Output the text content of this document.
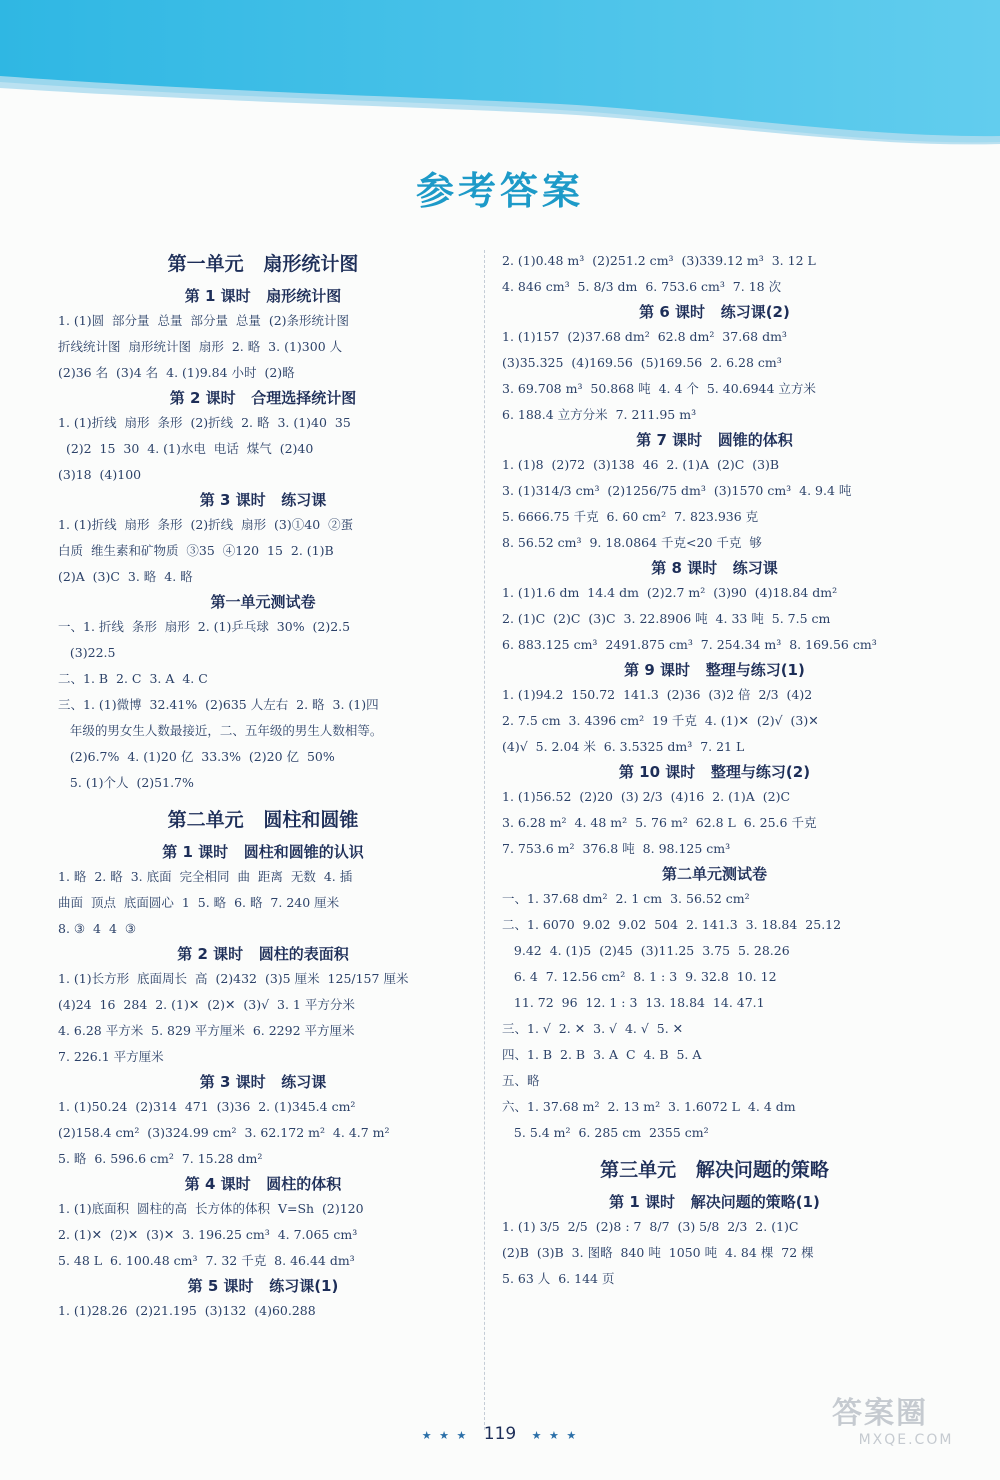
参考答案
第一单元   扇形统计图
第 1 课时   扇形统计图
1. (1)圆  部分量  总量  部分量  总量  (2)条形统计图
折线统计图  扇形统计图  扇形  2. 略  3. (1)300 人
(2)36 名  (3)4 名  4. (1)9.84 小时  (2)略
第 2 课时   合理选择统计图
1. (1)折线  扇形  条形  (2)折线  2. 略  3. (1)40  35
(2)2  15  30  4. (1)水电  电话  煤气  (2)40
(3)18  (4)100
第 3 课时   练习课
1. (1)折线  扇形  条形  (2)折线  扇形  (3)①40  ②蛋
白质  维生素和矿物质  ③35  ④120  15  2. (1)B
(2)A  (3)C  3. 略  4. 略
第一单元测试卷
一、1. 折线  条形  扇形  2. (1)乒乓球  30%  (2)2.5
(3)22.5
二、1. B  2. C  3. A  4. C
三、1. (1)微博  32.41%  (2)635 人左右  2. 略  3. (1)四
年级的男女生人数最接近，二、五年级的男生人数相等。
(2)6.7%  4. (1)20 亿  33.3%  (2)20 亿  50%
5. (1)个人  (2)51.7%
第二单元   圆柱和圆锥
第 1 课时   圆柱和圆锥的认识
1. 略  2. 略  3. 底面  完全相同  曲  距离  无数  4. 插
曲面  顶点  底面圆心  1  5. 略  6. 略  7. 240 厘米
8. ③  4  4  ③
第 2 课时   圆柱的表面积
1. (1)长方形  底面周长  高  (2)432  (3)5 厘米  125/157 厘米
(4)24  16  284  2. (1)✕  (2)✕  (3)√  3. 1 平方分米
4. 6.28 平方米  5. 829 平方厘米  6. 2292 平方厘米
7. 226.1 平方厘米
第 3 课时   练习课
1. (1)50.24  (2)314  471  (3)36  2. (1)345.4 cm²
(2)158.4 cm²  (3)324.99 cm²  3. 62.172 m²  4. 4.7 m²
5. 略  6. 596.6 cm²  7. 15.28 dm²
第 4 课时   圆柱的体积
1. (1)底面积  圆柱的高  长方体的体积  V=Sh  (2)120
2. (1)✕  (2)✕  (3)✕  3. 196.25 cm³  4. 7.065 cm³
5. 48 L  6. 100.48 cm³  7. 32 千克  8. 46.44 dm³
第 5 课时   练习课(1)
1. (1)28.26  (2)21.195  (3)132  (4)60.288
2. (1)0.48 m³  (2)251.2 cm³  (3)339.12 m³  3. 12 L
4. 846 cm³  5. 8/3 dm  6. 753.6 cm³  7. 18 次
第 6 课时   练习课(2)
1. (1)157  (2)37.68 dm²  62.8 dm²  37.68 dm³
(3)35.325  (4)169.56  (5)169.56  2. 6.28 cm³
3. 69.708 m³  50.868 吨  4. 4 个  5. 40.6944 立方米
6. 188.4 立方分米  7. 211.95 m³
第 7 课时   圆锥的体积
1. (1)8  (2)72  (3)138  46  2. (1)A  (2)C  (3)B
3. (1)314/3 cm³  (2)1256/75 dm³  (3)1570 cm³  4. 9.4 吨
5. 6666.75 千克  6. 60 cm²  7. 823.936 克
8. 56.52 cm³  9. 18.0864 千克<20 千克  够
第 8 课时   练习课
1. (1)1.6 dm  14.4 dm  (2)2.7 m²  (3)90  (4)18.84 dm²
2. (1)C  (2)C  (3)C  3. 22.8906 吨  4. 33 吨  5. 7.5 cm
6. 883.125 cm³  2491.875 cm³  7. 254.34 m³  8. 169.56 cm³
第 9 课时   整理与练习(1)
1. (1)94.2  150.72  141.3  (2)36  (3)2 倍  2/3  (4)2
2. 7.5 cm  3. 4396 cm²  19 千克  4. (1)✕  (2)√  (3)✕
(4)√  5. 2.04 米  6. 3.5325 dm³  7. 21 L
第 10 课时   整理与练习(2)
1. (1)56.52  (2)20  (3) 2/3  (4)16  2. (1)A  (2)C
3. 6.28 m²  4. 48 m²  5. 76 m²  62.8 L  6. 25.6 千克
7. 753.6 m²  376.8 吨  8. 98.125 cm³
第二单元测试卷
一、1. 37.68 dm²  2. 1 cm  3. 56.52 cm²
二、1. 6070  9.02  9.02  504  2. 141.3  3. 18.84  25.12
9.42  4. (1)5  (2)45  (3)11.25  3.75  5. 28.26
6. 4  7. 12.56 cm²  8. 1 : 3  9. 32.8  10. 12
11. 72  96  12. 1 : 3  13. 18.84  14. 47.1
三、1. √  2. ✕  3. √  4. √  5. ✕
四、1. B  2. B  3. A  C  4. B  5. A
五、略
六、1. 37.68 m²  2. 13 m²  3. 1.6072 L  4. 4 dm
5. 5.4 m²  6. 285 cm  2355 cm²
第三单元   解决问题的策略
第 1 课时   解决问题的策略(1)
1. (1) 3/5  2/5  (2)8 : 7  8/7  (3) 5/8  2/3  2. (1)C
(2)B  (3)B  3. 图略  840 吨  1050 吨  4. 84 棵  72 棵
5. 63 人  6. 144 页
★ ★ ★ 119 ★ ★ ★
答案圈
MXQE.COM
